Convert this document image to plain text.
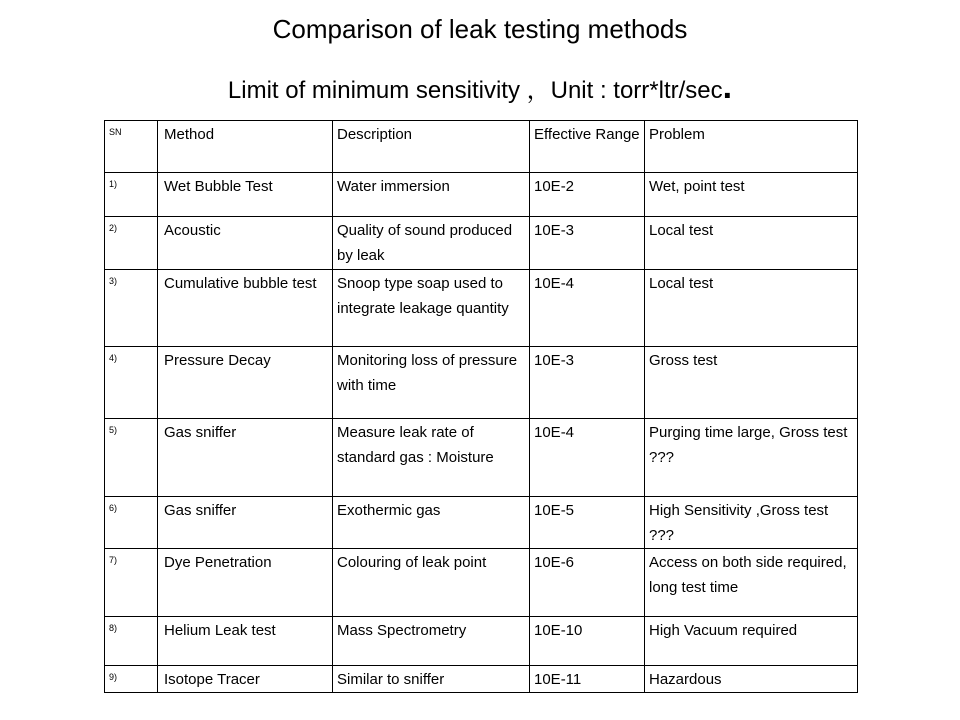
Comparison of leak testing methods
Limit of minimum sensitivity ，Unit : torr*ltr/sec.
SN	Method	Description	Effective Range	Problem
1)	Wet Bubble Test	Water immersion	10E-2	Wet, point test
2)	Acoustic	Quality of sound produced by leak	10E-3	Local test
3)	Cumulative bubble test	Snoop type soap used to integrate leakage quantity	10E-4	Local test
4)	Pressure Decay	Monitoring loss of pressure with time	10E-3	Gross test
5)	Gas sniffer	Measure leak rate of standard gas : Moisture	10E-4	Purging time large, Gross test ???
6)	Gas sniffer	Exothermic gas	10E-5	High Sensitivity ,Gross test ???
7)	Dye Penetration	Colouring of leak point	10E-6	Access on both side required, long test time
8)	Helium Leak test	Mass Spectrometry	10E-10	High Vacuum required
9)	Isotope Tracer	Similar to sniffer	10E-11	Hazardous
